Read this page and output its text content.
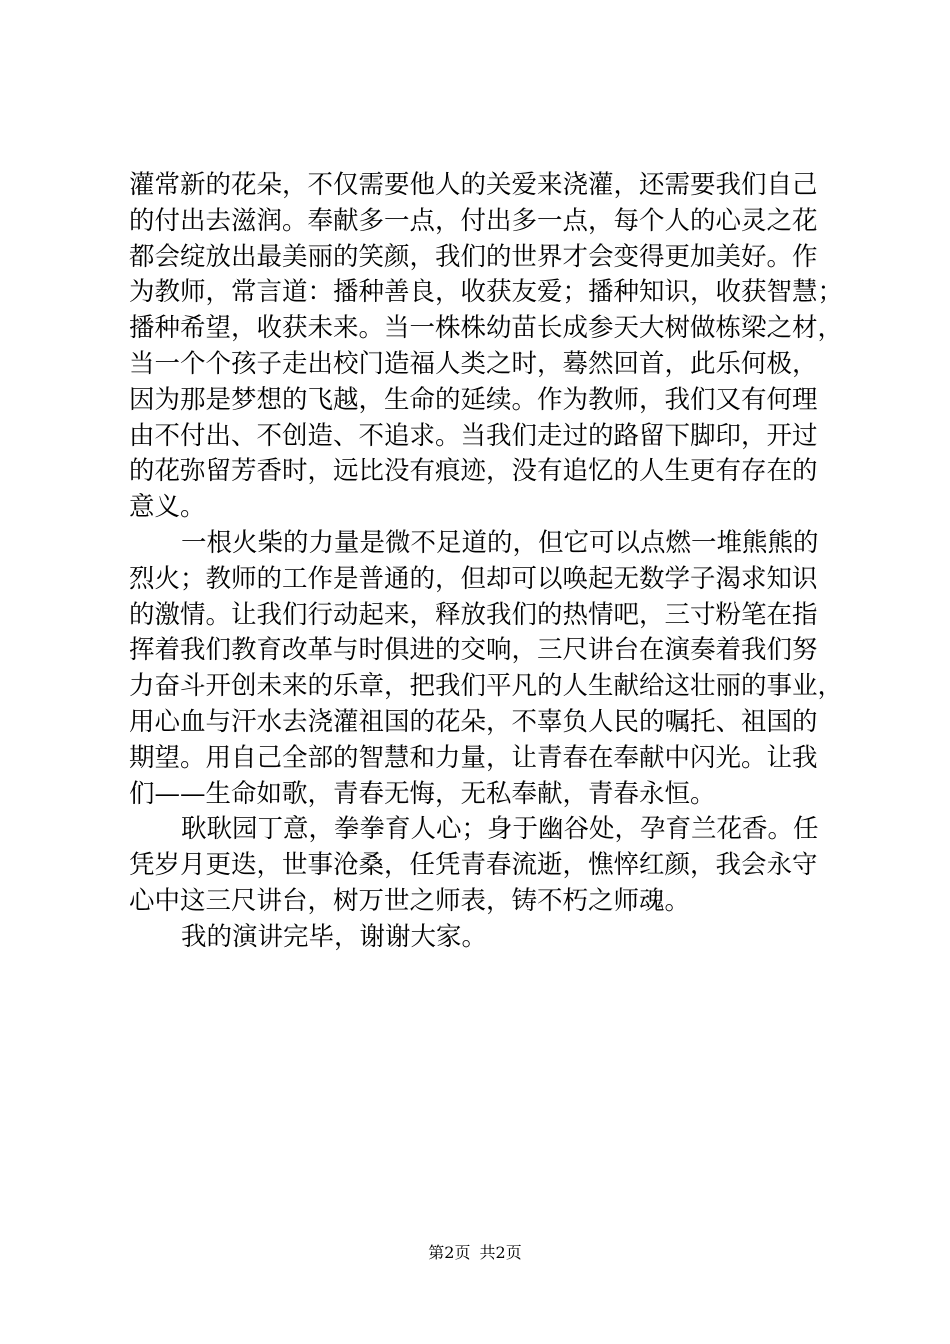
灌常新的花朵，不仅需要他人的关爱来浇灌，还需要我们自己
的付出去滋润。奉献多一点，付出多一点，每个人的心灵之花
都会绽放出最美丽的笑颜，我们的世界才会变得更加美好。作
为教师，常言道：播种善良，收获友爱；播种知识，收获智慧；
播种希望，收获未来。当一株株幼苗长成参天大树做栋梁之材，
当一个个孩子走出校门造福人类之时，蓦然回首，此乐何极，
因为那是梦想的飞越，生命的延续。作为教师，我们又有何理
由不付出、不创造、不追求。当我们走过的路留下脚印，开过
的花弥留芳香时，远比没有痕迹，没有追忆的人生更有存在的
意义。
一根火柴的力量是微不足道的，但它可以点燃一堆熊熊的
烈火；教师的工作是普通的，但却可以唤起无数学子渴求知识
的激情。让我们行动起来，释放我们的热情吧，三寸粉笔在指
挥着我们教育改革与时俱进的交响，三尺讲台在演奏着我们努
力奋斗开创未来的乐章，把我们平凡的人生献给这壮丽的事业，
用心血与汗水去浇灌祖国的花朵，不辜负人民的嘱托、祖国的
期望。用自己全部的智慧和力量，让青春在奉献中闪光。让我
们——生命如歌，青春无悔，无私奉献，青春永恒。
耿耿园丁意，拳拳育人心；身于幽谷处，孕育兰花香。任
凭岁月更迭，世事沧桑，任凭青春流逝，憔悴红颜，我会永守
心中这三尺讲台，树万世之师表，铸不朽之师魂。
我的演讲完毕，谢谢大家。
第2页 共2页
